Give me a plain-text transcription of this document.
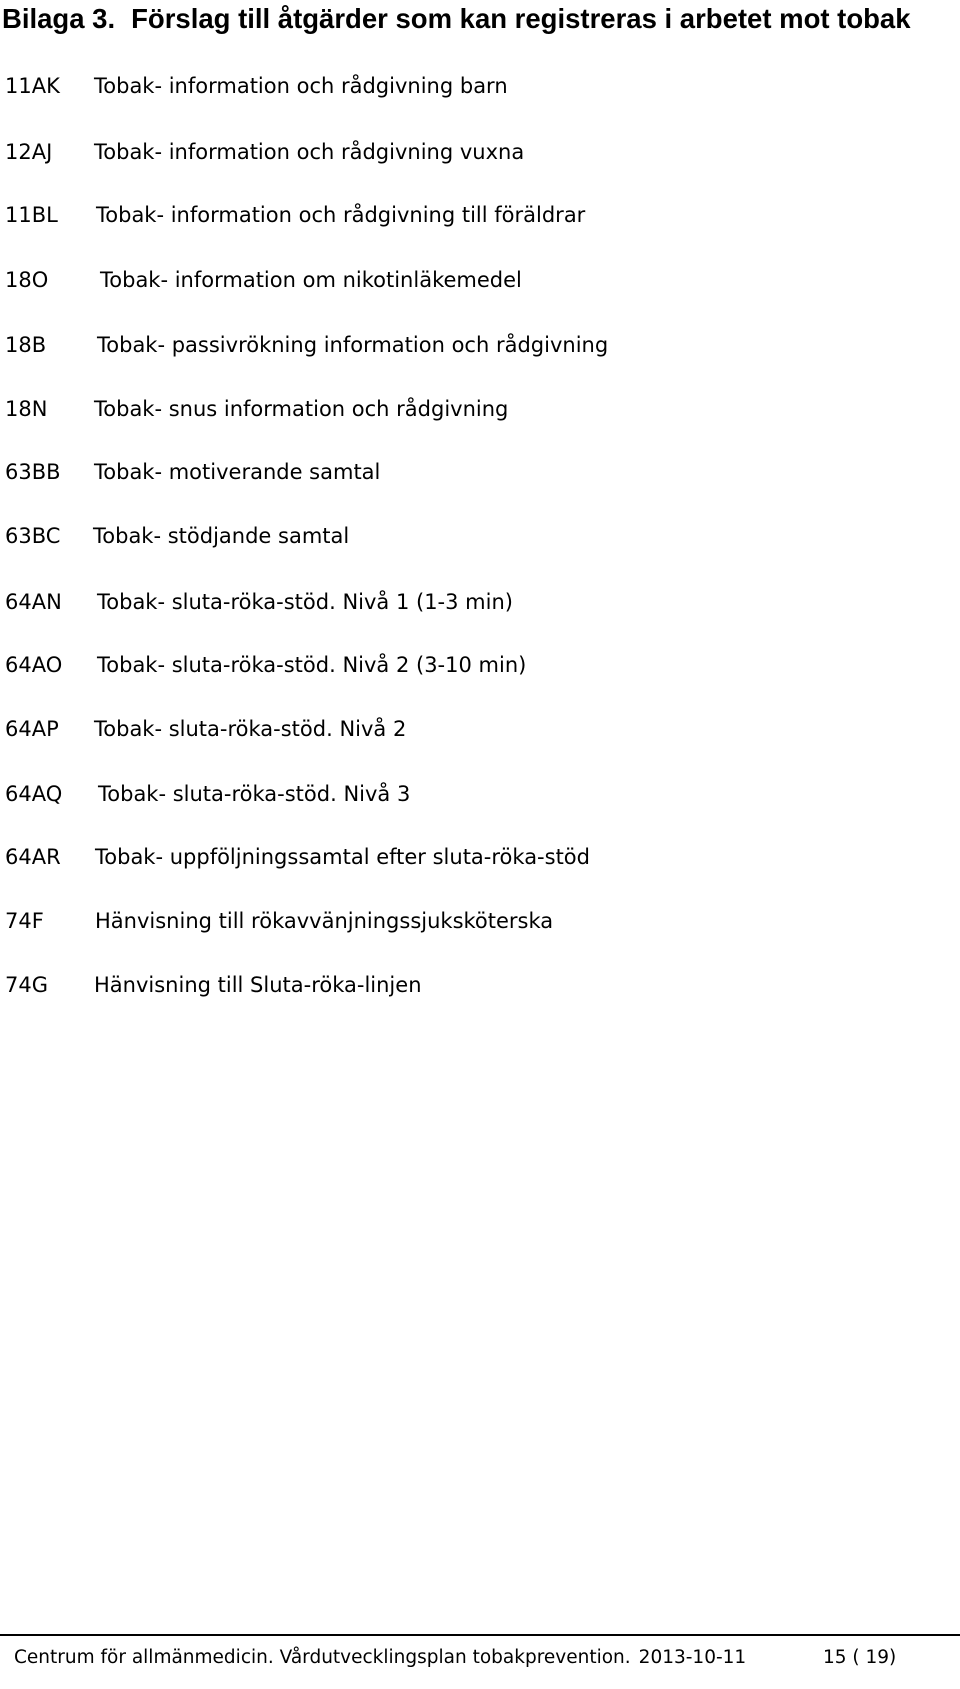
Bilaga 3. Förslag till åtgärder som kan registreras i arbetet mot tobak
11AK Tobak- information och rådgivning barn
12AJ Tobak- information och rådgivning vuxna
11BL Tobak- information och rådgivning till föräldrar
18O Tobak- information om nikotinläkemedel
18B Tobak- passivrökning information och rådgivning
18N Tobak- snus information och rådgivning
63BB Tobak- motiverande samtal
63BC Tobak- stödjande samtal
64AN Tobak- sluta-röka-stöd. Nivå 1 (1-3 min)
64AO Tobak- sluta-röka-stöd. Nivå 2 (3-10 min)
64AP Tobak- sluta-röka-stöd. Nivå 2
64AQ Tobak- sluta-röka-stöd. Nivå 3
64AR Tobak- uppföljningssamtal efter sluta-röka-stöd
74F Hänvisning till rökavvänjningssjuksköterska
74G Hänvisning till Sluta-röka-linjen
Centrum för allmänmedicin. Vårdutvecklingsplan tobakprevention. 2013-10-11	15 ( 19)
